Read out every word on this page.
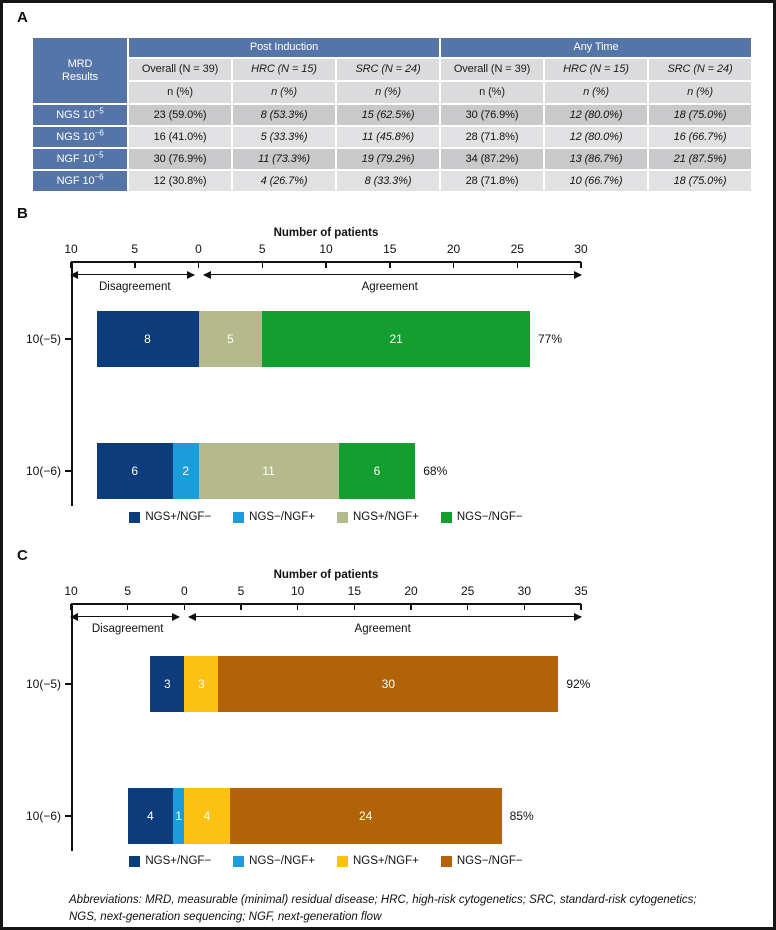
A
MRD
Results	Post Induction			Any Time		
	Overall (N = 39)	HRC (N = 15)	SRC (N = 24)	Overall (N = 39)	HRC (N = 15)	SRC (N = 24)
	n (%)	n (%)	n (%)	n (%)	n (%)	n (%)
NGS $10^{-5}$	23 (59.0%)	8 (53.3%)	15 (62.5%)	30 (76.9%)	12 (80.0%)	18 (75.0%)
NGS $10^{-6}$	16 (41.0%)	5 (33.3%)	11 (45.8%)	28 (71.8%)	12 (80.0%)	16 (66.7%)
NGF $10^{-5}$	30 (76.9%)	11 (73.3%)	19 (79.2%)	34 (87.2%)	13 (86.7%)	21 (87.5%)
NGF $10^{-6}$	12 (30.8%)	4 (26.7%)	8 (33.3%)	28 (71.8%)	10 (66.7%)	18 (75.0%)
B
Number of patients
10	5	0	5	10	15	20	25	30
Disagreement	Agreement
10(−5)	8	5	21	77%
10(−6)	6	2	11	6	68%
NGS+/NGF−	NGS−/NGF+	NGS+/NGF+	NGS−/NGF−
C
Number of patients
10	5	0	5	10	15	20	25	30	35
Disagreement	Agreement
10(−5)	3 3	30	92%
10(−6)	4 1 4	24	85%
NGS+/NGF−	NGS−/NGF+	NGS+/NGF+	NGS−/NGF−
Abbreviations: MRD, measurable (minimal) residual disease; HRC, high-risk cytogenetics; SRC, standard-risk cytogenetics; NGS, next-generation sequencing; NGF, next-generation flow
